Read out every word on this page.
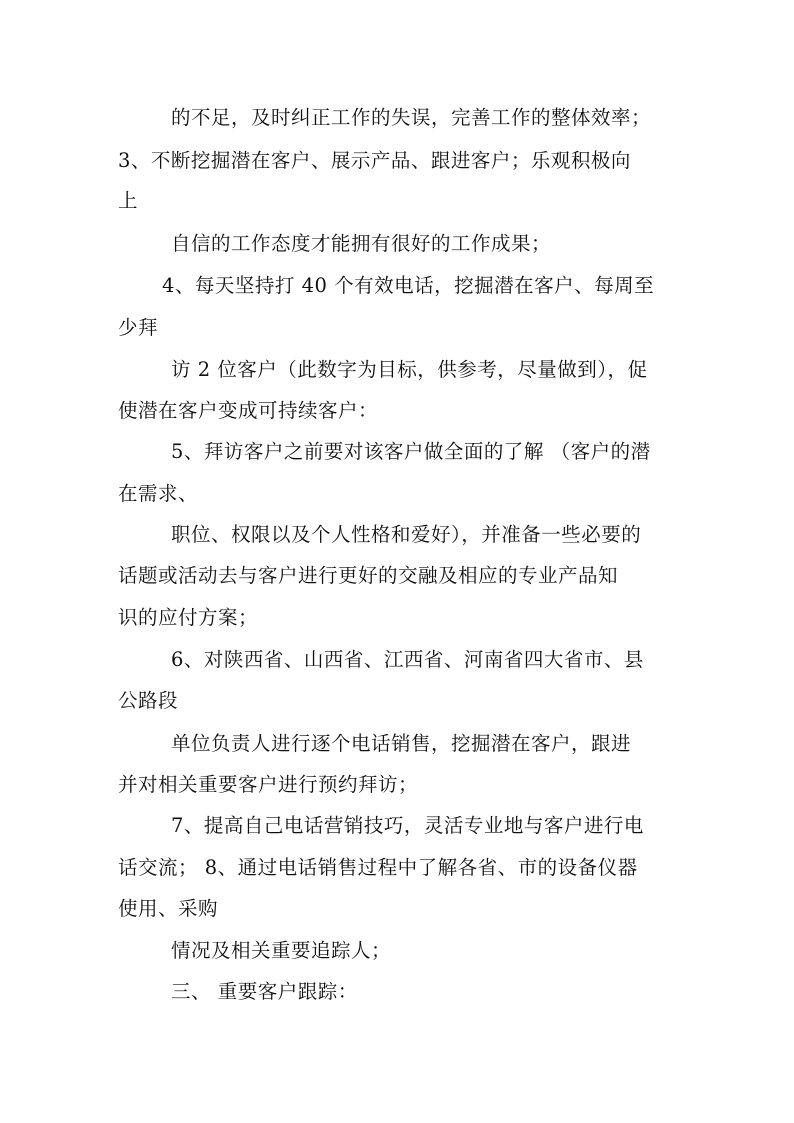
的不足，及时纠正工作的失误，完善工作的整体效率；
3、不断挖掘潜在客户、展示产品、跟进客户；乐观积极向
上
自信的工作态度才能拥有很好的工作成果；
4、每天坚持打 40 个有效电话，挖掘潜在客户、每周至
少拜
访 2 位客户（此数字为目标，供参考，尽量做到），促
使潜在客户变成可持续客户：
5、拜访客户之前要对该客户做全面的了解 （客户的潜
在需求、
职位、权限以及个人性格和爱好），并准备一些必要的
话题或活动去与客户进行更好的交融及相应的专业产品知
识的应付方案；
6、对陕西省、山西省、江西省、河南省四大省市、县
公路段
单位负责人进行逐个电话销售，挖掘潜在客户，跟进
并对相关重要客户进行预约拜访；
7、提高自己电话营销技巧，灵活专业地与客户进行电
话交流； 8、通过电话销售过程中了解各省、市的设备仪器
使用、采购
情况及相关重要追踪人；
三、 重要客户跟踪：
